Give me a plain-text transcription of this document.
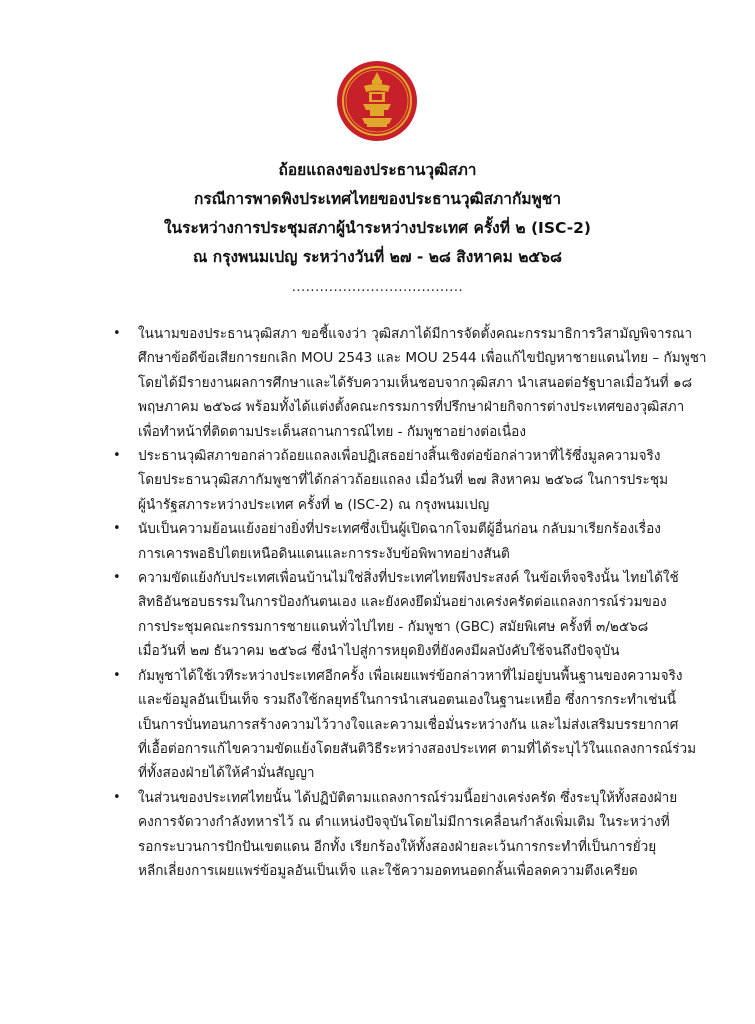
ถ้อยแถลงของประธานวุฒิสภา
กรณีการพาดพิงประเทศไทยของประธานวุฒิสภากัมพูชา
ในระหว่างการประชุมสภาผู้นำระหว่างประเทศ ครั้งที่ ๒ (ISC-2)
ณ กรุงพนมเปญ ระหว่างวันที่ ๒๗ - ๒๘ สิงหาคม ๒๕๖๘
.....................................
• ในนามของประธานวุฒิสภา ขอชี้แจงว่า วุฒิสภาได้มีการจัดตั้งคณะกรรมาธิการวิสามัญพิจารณา
ศึกษาข้อดีข้อเสียการยกเลิก MOU 2543 และ MOU 2544 เพื่อแก้ไขปัญหาชายแดนไทย – กัมพูชา
โดยได้มีรายงานผลการศึกษาและได้รับความเห็นชอบจากวุฒิสภา นำเสนอต่อรัฐบาลเมื่อวันที่ ๑๘
พฤษภาคม ๒๕๖๘ พร้อมทั้งได้แต่งตั้งคณะกรรมการที่ปรึกษาฝ่ายกิจการต่างประเทศของวุฒิสภา
เพื่อทำหน้าที่ติดตามประเด็นสถานการณ์ไทย - กัมพูชาอย่างต่อเนื่อง
• ประธานวุฒิสภาขอกล่าวถ้อยแถลงเพื่อปฏิเสธอย่างสิ้นเชิงต่อข้อกล่าวหาที่ไร้ซึ่งมูลความจริง
โดยประธานวุฒิสภากัมพูชาที่ได้กล่าวถ้อยแถลง เมื่อวันที่ ๒๗ สิงหาคม ๒๕๖๘ ในการประชุม
ผู้นำรัฐสภาระหว่างประเทศ ครั้งที่ ๒ (ISC-2) ณ กรุงพนมเปญ
• นับเป็นความย้อนแย้งอย่างยิ่งที่ประเทศซึ่งเป็นผู้เปิดฉากโจมตีผู้อื่นก่อน กลับมาเรียกร้องเรื่อง
การเคารพอธิปไตยเหนือดินแดนและการระงับข้อพิพาทอย่างสันติ
• ความขัดแย้งกับประเทศเพื่อนบ้านไม่ใช่สิ่งที่ประเทศไทยพึงประสงค์ ในข้อเท็จจริงนั้น ไทยได้ใช้
สิทธิอันชอบธรรมในการป้องกันตนเอง และยังคงยึดมั่นอย่างเคร่งครัดต่อแถลงการณ์ร่วมของ
การประชุมคณะกรรมการชายแดนทั่วไปไทย - กัมพูชา (GBC) สมัยพิเศษ ครั้งที่ ๓/๒๕๖๘
เมื่อวันที่ ๒๗ ธันวาคม ๒๕๖๘ ซึ่งนำไปสู่การหยุดยิงที่ยังคงมีผลบังคับใช้จนถึงปัจจุบัน
• กัมพูชาได้ใช้เวทีระหว่างประเทศอีกครั้ง เพื่อเผยแพร่ข้อกล่าวหาที่ไม่อยู่บนพื้นฐานของความจริง
และข้อมูลอันเป็นเท็จ รวมถึงใช้กลยุทธ์ในการนำเสนอตนเองในฐานะเหยื่อ ซึ่งการกระทำเช่นนี้
เป็นการบั่นทอนการสร้างความไว้วางใจและความเชื่อมั่นระหว่างกัน และไม่ส่งเสริมบรรยากาศ
ที่เอื้อต่อการแก้ไขความขัดแย้งโดยสันติวิธีระหว่างสองประเทศ ตามที่ได้ระบุไว้ในแถลงการณ์ร่วม
ที่ทั้งสองฝ่ายได้ให้คำมั่นสัญญา
• ในส่วนของประเทศไทยนั้น ได้ปฏิบัติตามแถลงการณ์ร่วมนี้อย่างเคร่งครัด ซึ่งระบุให้ทั้งสองฝ่าย
คงการจัดวางกำลังทหารไว้ ณ ตำแหน่งปัจจุบันโดยไม่มีการเคลื่อนกำลังเพิ่มเติม ในระหว่างที่
รอกระบวนการปักปันเขตแดน อีกทั้ง เรียกร้องให้ทั้งสองฝ่ายละเว้นการกระทำที่เป็นการยั่วยุ
หลีกเลี่ยงการเผยแพร่ข้อมูลอันเป็นเท็จ และใช้ความอดทนอดกลั้นเพื่อลดความตึงเครียด
